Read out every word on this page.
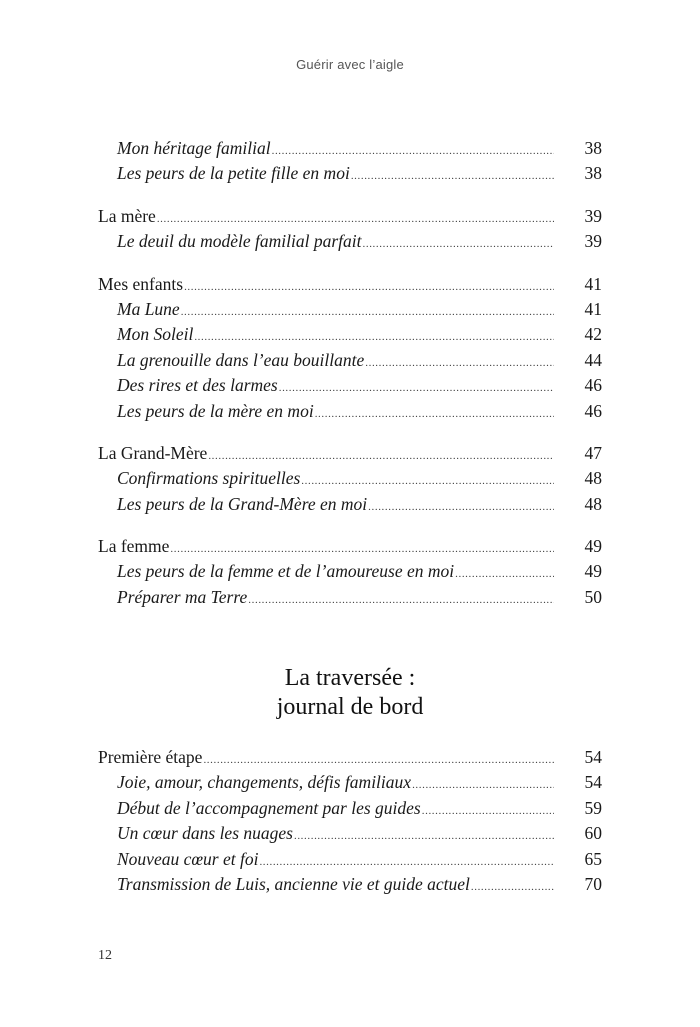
Guérir avec l’aigle
Mon héritage familial .....	38
Les peurs de la petite fille en moi .....	38
La mère .....	39
Le deuil du modèle familial parfait .....	39
Mes enfants .....	41
Ma Lune .....	41
Mon Soleil .....	42
La grenouille dans l’eau bouillante .....	44
Des rires et des larmes .....	46
Les peurs de la mère en moi .....	46
La Grand-Mère .....	47
Confirmations spirituelles .....	48
Les peurs de la Grand-Mère en moi .....	48
La femme .....	49
Les peurs de la femme et de l’amoureuse en moi .....	49
Préparer ma Terre .....	50
La traversée :
journal de bord
Première étape .....	54
Joie, amour, changements, défis familiaux .....	54
Début de l’accompagnement par les guides .....	59
Un cœur dans les nuages .....	60
Nouveau cœur et foi .....	65
Transmission de Luis, ancienne vie et guide actuel .....	70
12
